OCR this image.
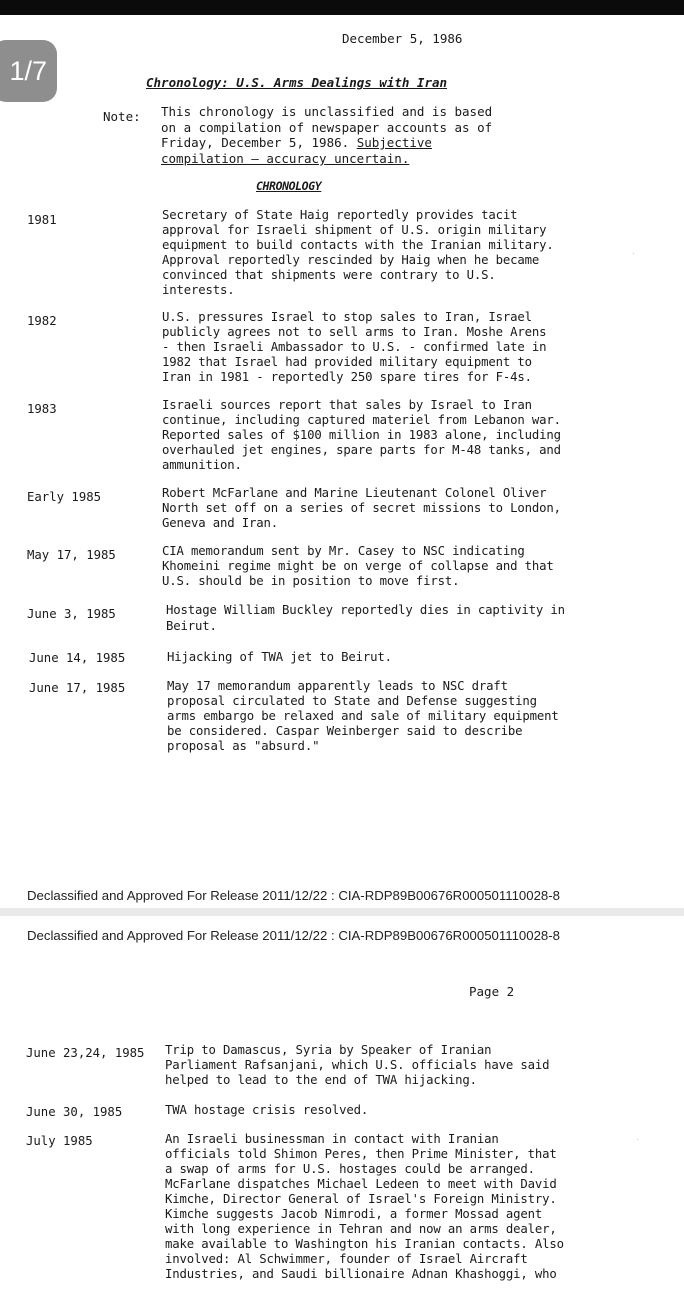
December 5, 1986

Chronology: U.S. Arms Dealings with Iran

Note: This chronology is unclassified and is based

on a compilation of newspaper accounts as of

Friday, December 5, 1986. Subjective

compilation — accuracy uncertain.

CHRONOLOGY

1981	Secretary of State Haig reportedly provides tacit

approval for Israeli shipment of U.S. origin military

equipment to build contacts with the Iranian military.

Approval reportedly rescinded by Haig when he became

convinced that shipments were contrary to U.S.

interests.

1982	U.S. pressures Israel to stop sales to Iran, Israel

publicly agrees not to sell arms to Iran. Moshe Arens

- then Israeli Ambassador to U.S. - confirmed late in

1982 that Israel had provided military equipment to

Iran in 1981 - reportedly 250 spare tires for F-4s.

1983	Israeli sources report that sales by Israel to Iran

continue, including captured materiel from Lebanon war.

Reported sales of $100 million in 1983 alone, including

overhauled jet engines, spare parts for M-48 tanks, and

ammunition.

Early 1985	Robert McFarlane and Marine Lieutenant Colonel Oliver

North set off on a series of secret missions to London,

Geneva and Iran.

May 17, 1985	CIA memorandum sent by Mr. Casey to NSC indicating

Khomeini regime might be on verge of collapse and that

U.S. should be in position to move first.

June 3, 1985	Hostage William Buckley reportedly dies in captivity in

Beirut.

June 14, 1985	Hijacking of TWA jet to Beirut.

June 17, 1985	May 17 memorandum apparently leads to NSC draft

proposal circulated to State and Defense suggesting

arms embargo be relaxed and sale of military equipment

be considered. Caspar Weinberger said to describe

proposal as "absurd."

·

Declassified and Approved For Release 2011/12/22 : CIA-RDP89B00676R000501110028-8

Declassified and Approved For Release 2011/12/22 : CIA-RDP89B00676R000501110028-8

Page 2

June 23,24, 1985 Trip to Damascus, Syria by Speaker of Iranian

Parliament Rafsanjani, which U.S. officials have said

helped to lead to the end of TWA hijacking.

June 30, 1985	TWA hostage crisis resolved.

July 1985	An Israeli businessman in contact with Iranian

officials told Shimon Peres, then Prime Minister, that

a swap of arms for U.S. hostages could be arranged.

McFarlane dispatches Michael Ledeen to meet with David

Kimche, Director General of Israel's Foreign Ministry.

Kimche suggests Jacob Nimrodi, a former Mossad agent

with long experience in Tehran and now an arms dealer,

make available to Washington his Iranian contacts. Also

involved: Al Schwimmer, founder of Israel Aircraft

Industries, and Saudi billionaire Adnan Khashoggi, who

·
1/7
